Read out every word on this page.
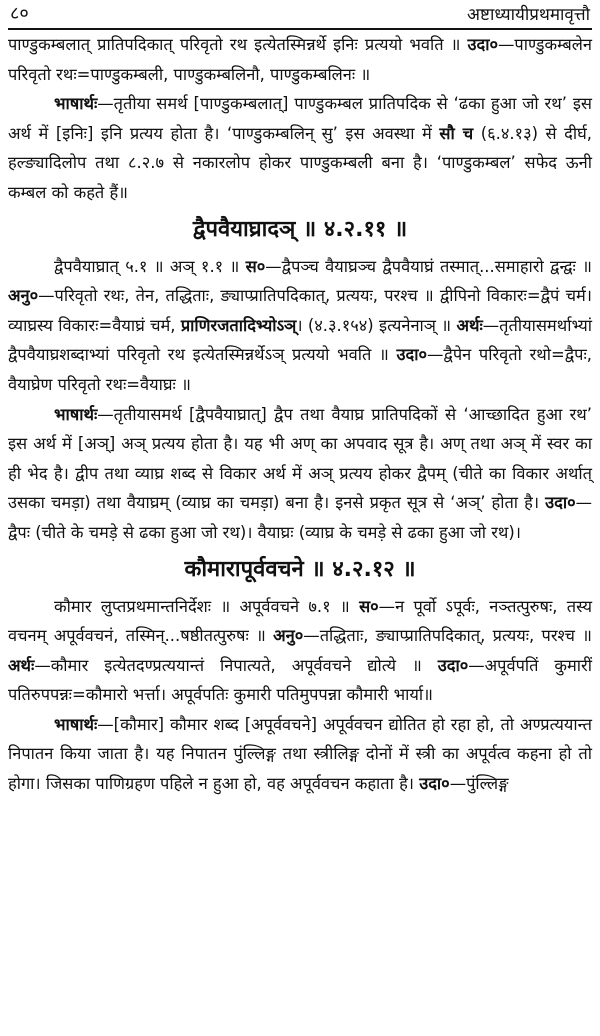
८०	अष्टाध्यायीप्रथमावृत्तौ

पाण्डुकम्बलात् प्रातिपदिकात् परिवृतो रथ इत्येतस्मिन्नर्थे इनिः प्रत्ययो भवति ॥ उदा०—पाण्डुकम्बलेन परिवृतो रथः=पाण्डुकम्बली, पाण्डुकम्बलिनौ, पाण्डुकम्बलिनः ॥

भाषार्थः—तृतीया समर्थ [पाण्डुकम्बलात्] पाण्डुकम्बल प्रातिपदिक से ‘ढका हुआ जो रथ’ इस अर्थ में [इनिः] इनि प्रत्यय होता है। ‘पाण्डुकम्बलिन् सु’ इस अवस्था में सौ च (६.४.१३) से दीर्घ, हल्ङ्यादिलोप तथा ८.२.७ से नकारलोप होकर पाण्डुकम्बली बना है। ‘पाण्डुकम्बल’ सफेद ऊनी कम्बल को कहते हैं॥

द्वैपवैयाघ्रादञ् ॥ ४.२.११ ॥

द्वैपवैयाघ्रात् ५.१ ॥ अञ् १.१ ॥ स०—द्वैपञ्च वैयाघ्रञ्च द्वैपवैयाघ्रं तस्मात्...समाहारो द्वन्द्वः ॥ अनु०—परिवृतो रथः, तेन, तद्धिताः, ङ्याप्प्रातिपदिकात्, प्रत्ययः, परश्च ॥ द्वीपिनो विकारः=द्वैपं चर्म। व्याघ्रस्य विकारः=वैयाघ्रं चर्म, प्राणिरजतादिभ्योऽञ्। (४.३.१५४) इत्यनेनाञ् ॥ अर्थः—तृतीयासमर्थाभ्यां द्वैपवैयाघ्रशब्दाभ्यां परिवृतो रथ इत्येतस्मिन्नर्थेऽञ् प्रत्ययो भवति ॥ उदा०—द्वैपेन परिवृतो रथो=द्वैपः, वैयाघ्रेण परिवृतो रथः=वैयाघ्रः ॥

भाषार्थः—तृतीयासमर्थ [द्वैपवैयाघ्रात्] द्वैप तथा वैयाघ्र प्रातिपदिकों से ‘आच्छादित हुआ रथ’ इस अर्थ में [अञ्] अञ् प्रत्यय होता है। यह भी अण् का अपवाद सूत्र है। अण् तथा अञ् में स्वर का ही भेद है। द्वीप तथा व्याघ्र शब्द से विकार अर्थ में अञ् प्रत्यय होकर द्वैपम् (चीते का विकार अर्थात् उसका चमड़ा) तथा वैयाघ्रम् (व्याघ्र का चमड़ा) बना है। इनसे प्रकृत सूत्र से ‘अञ्’ होता है। उदा०—द्वैपः (चीते के चमड़े से ढका हुआ जो रथ)। वैयाघ्रः (व्याघ्र के चमड़े से ढका हुआ जो रथ)।

कौमारापूर्ववचने ॥ ४.२.१२ ॥

कौमार लुप्तप्रथमान्तनिर्देशः ॥ अपूर्ववचने ७.१ ॥ स०—न पूर्वो ऽपूर्वः, नञ्तत्पुरुषः, तस्य वचनम् अपूर्ववचनं, तस्मिन्...षष्ठीतत्पुरुषः ॥ अनु०—तद्धिताः, ङ्याप्प्रातिपदिकात्, प्रत्ययः, परश्च ॥ अर्थः—कौमार इत्येतदण्प्रत्ययान्तं निपात्यते, अपूर्ववचने द्योत्ये ॥ उदा०—अपूर्वपतिं कुमारीं पतिरुपपन्नः=कौमारो भर्त्ता। अपूर्वपतिः कुमारी पतिमुपपन्ना कौमारी भार्या॥

भाषार्थः—[कौमार] कौमार शब्द [अपूर्ववचने] अपूर्ववचन द्योतित हो रहा हो, तो अण्प्रत्ययान्त निपातन किया जाता है। यह निपातन पुंल्लिङ्ग तथा स्त्रीलिङ्ग दोनों में स्त्री का अपूर्वत्व कहना हो तो होगा। जिसका पाणिग्रहण पहिले न हुआ हो, वह अपूर्ववचन कहाता है। उदा०—पुंल्लिङ्ग
